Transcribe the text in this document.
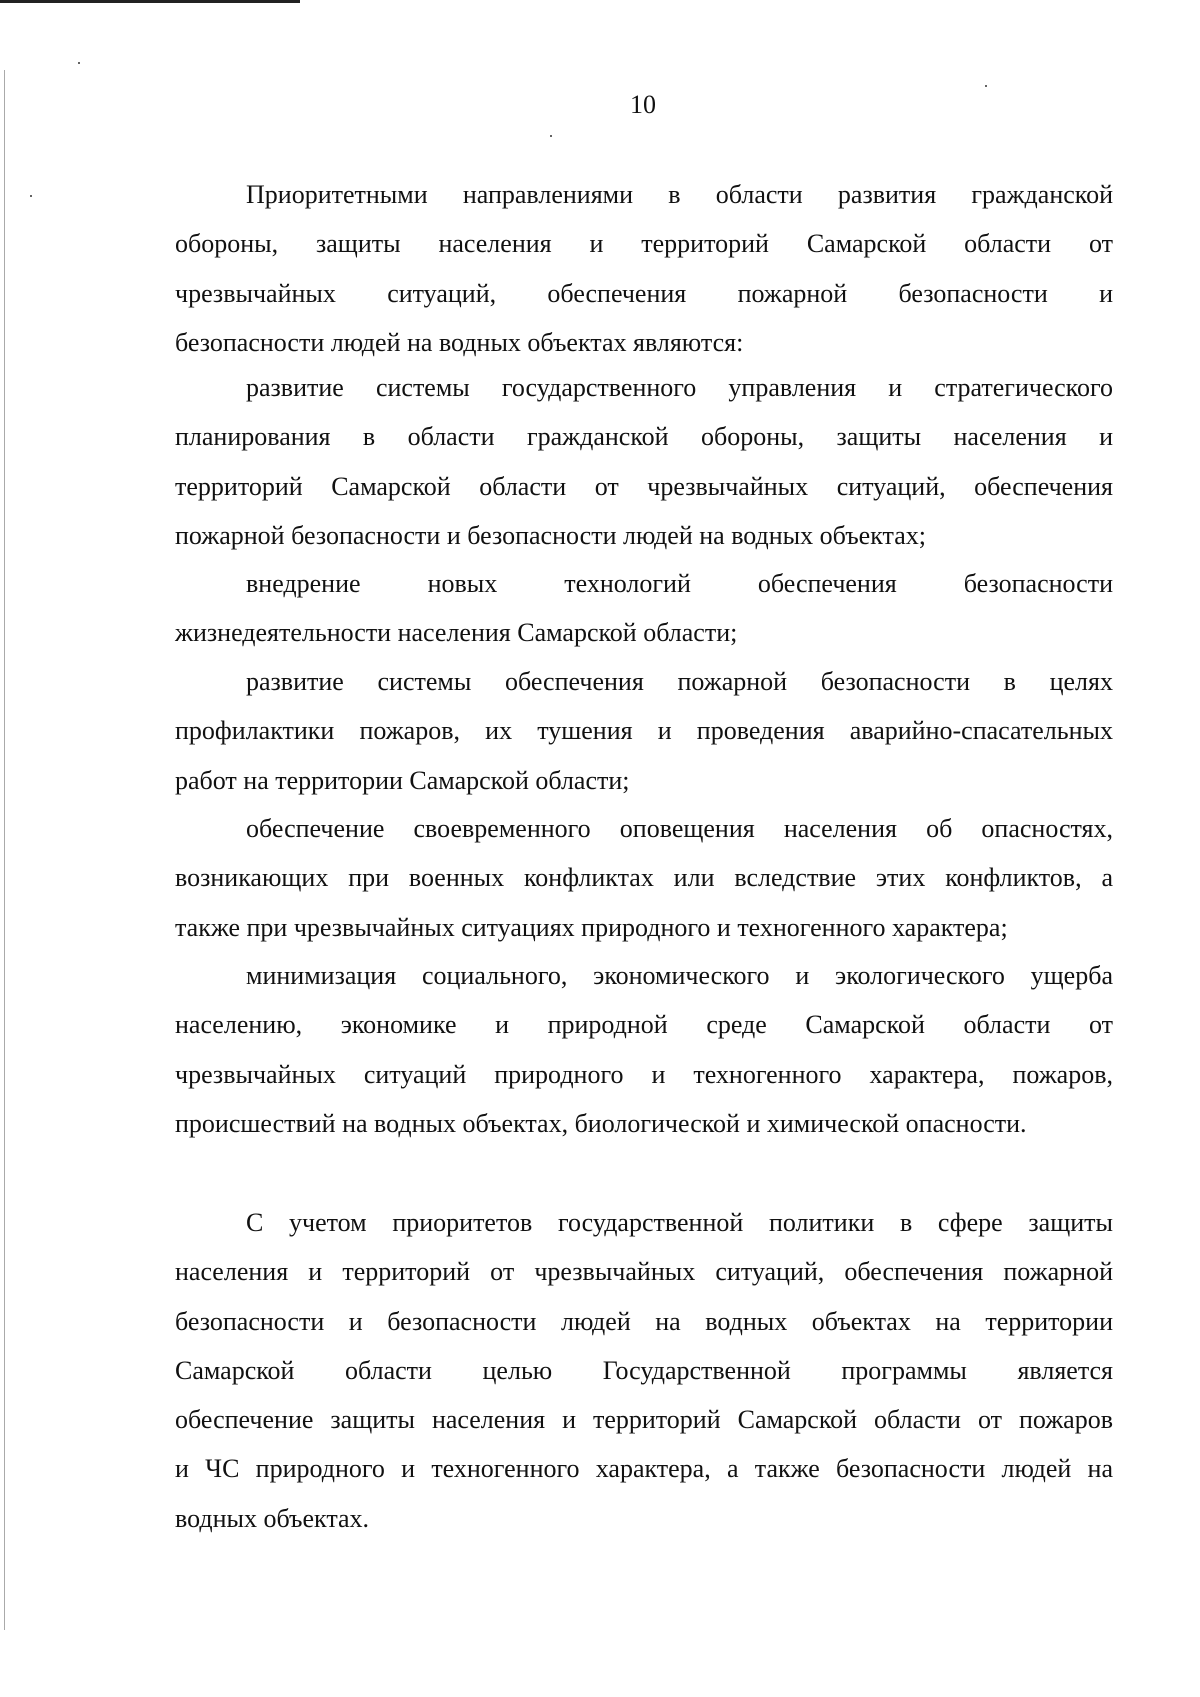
10
Приоритетными направлениями в области развития гражданской
обороны, защиты населения и территорий Самарской области от
чрезвычайных ситуаций, обеспечения пожарной безопасности и
безопасности людей на водных объектах являются:
развитие системы государственного управления и стратегического
планирования в области гражданской обороны, защиты населения и
территорий Самарской области от чрезвычайных ситуаций, обеспечения
пожарной безопасности и безопасности людей на водных объектах;
внедрение новых технологий обеспечения безопасности
жизнедеятельности населения Самарской области;
развитие системы обеспечения пожарной безопасности в целях
профилактики пожаров, их тушения и проведения аварийно-спасательных
работ на территории Самарской области;
обеспечение своевременного оповещения населения об опасностях,
возникающих при военных конфликтах или вследствие этих конфликтов, а
также при чрезвычайных ситуациях природного и техногенного характера;
минимизация социального, экономического и экологического ущерба
населению, экономике и природной среде Самарской области от
чрезвычайных ситуаций природного и техногенного характера, пожаров,
происшествий на водных объектах, биологической и химической опасности.
С учетом приоритетов государственной политики в сфере защиты
населения и территорий от чрезвычайных ситуаций, обеспечения пожарной
безопасности и безопасности людей на водных объектах на территории
Самарской области целью Государственной программы является
обеспечение защиты населения и территорий Самарской области от пожаров
и ЧС природного и техногенного характера, а также безопасности людей на
водных объектах.
